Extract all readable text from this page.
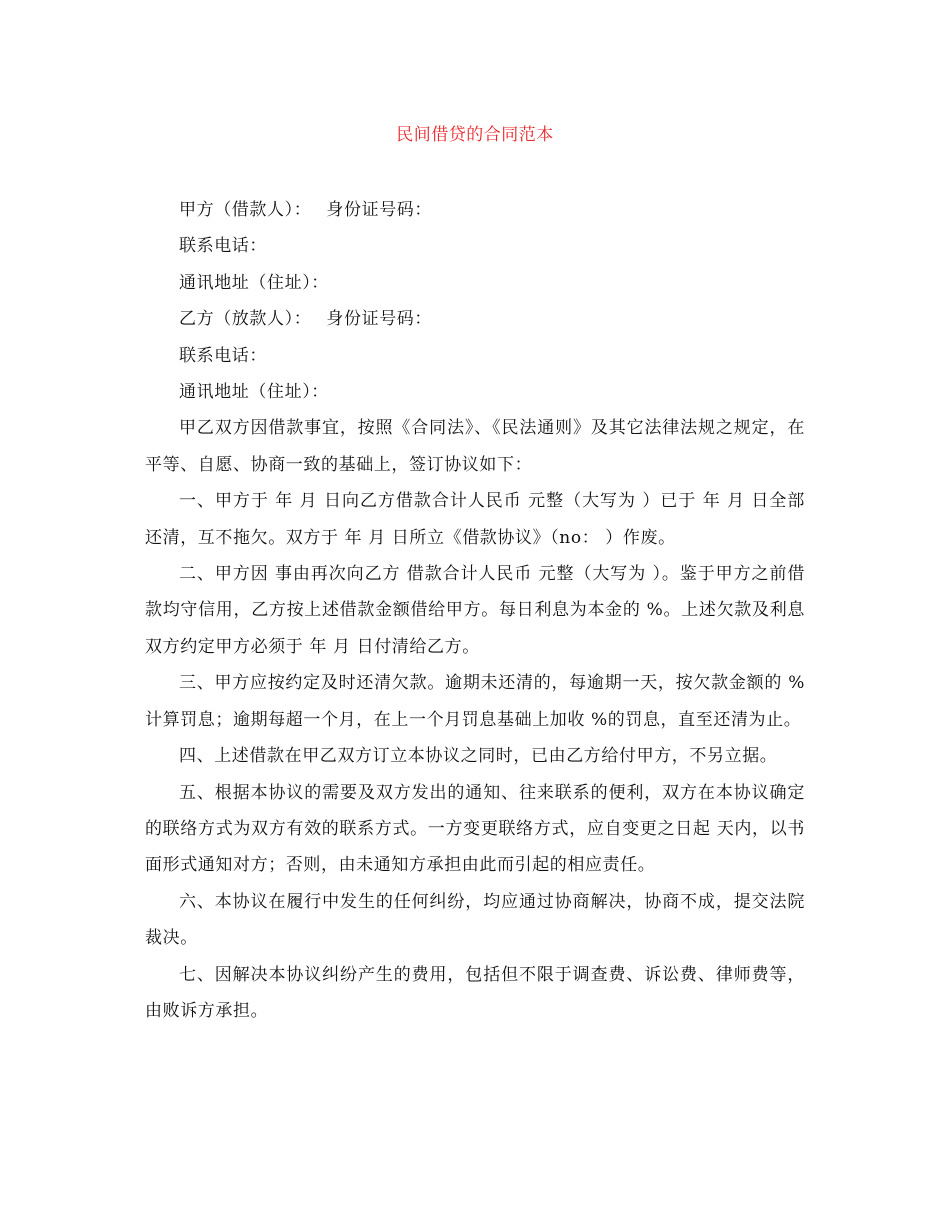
民间借贷的合同范本

甲方（借款人）：　 身份证号码：

联系电话：

通讯地址（住址）：

乙方（放款人）：　 身份证号码：

联系电话：

通讯地址（住址）：

甲乙双方因借款事宜，按照《合同法》、《民法通则》及其它法律法规之规定，在平等、自愿、协商一致的基础上，签订协议如下：

一、甲方于 年 月 日向乙方借款合计人民币 元整（大写为 ）已于 年 月 日全部还清，互不拖欠。双方于 年 月 日所立《借款协议》（no： ）作废。

二、甲方因 事由再次向乙方 借款合计人民币 元整（大写为 ）。鉴于甲方之前借款均守信用，乙方按上述借款金额借给甲方。每日利息为本金的 %。上述欠款及利息双方约定甲方必须于 年 月 日付清给乙方。

三、甲方应按约定及时还清欠款。逾期未还清的，每逾期一天，按欠款金额的 %计算罚息；逾期每超一个月，在上一个月罚息基础上加收 %的罚息，直至还清为止。

四、上述借款在甲乙双方订立本协议之同时，已由乙方给付甲方，不另立据。

五、根据本协议的需要及双方发出的通知、往来联系的便利，双方在本协议确定的联络方式为双方有效的联系方式。一方变更联络方式，应自变更之日起 天内，以书面形式通知对方；否则，由未通知方承担由此而引起的相应责任。

六、本协议在履行中发生的任何纠纷，均应通过协商解决，协商不成，提交法院裁决。

七、因解决本协议纠纷产生的费用，包括但不限于调查费、诉讼费、律师费等，由败诉方承担。
